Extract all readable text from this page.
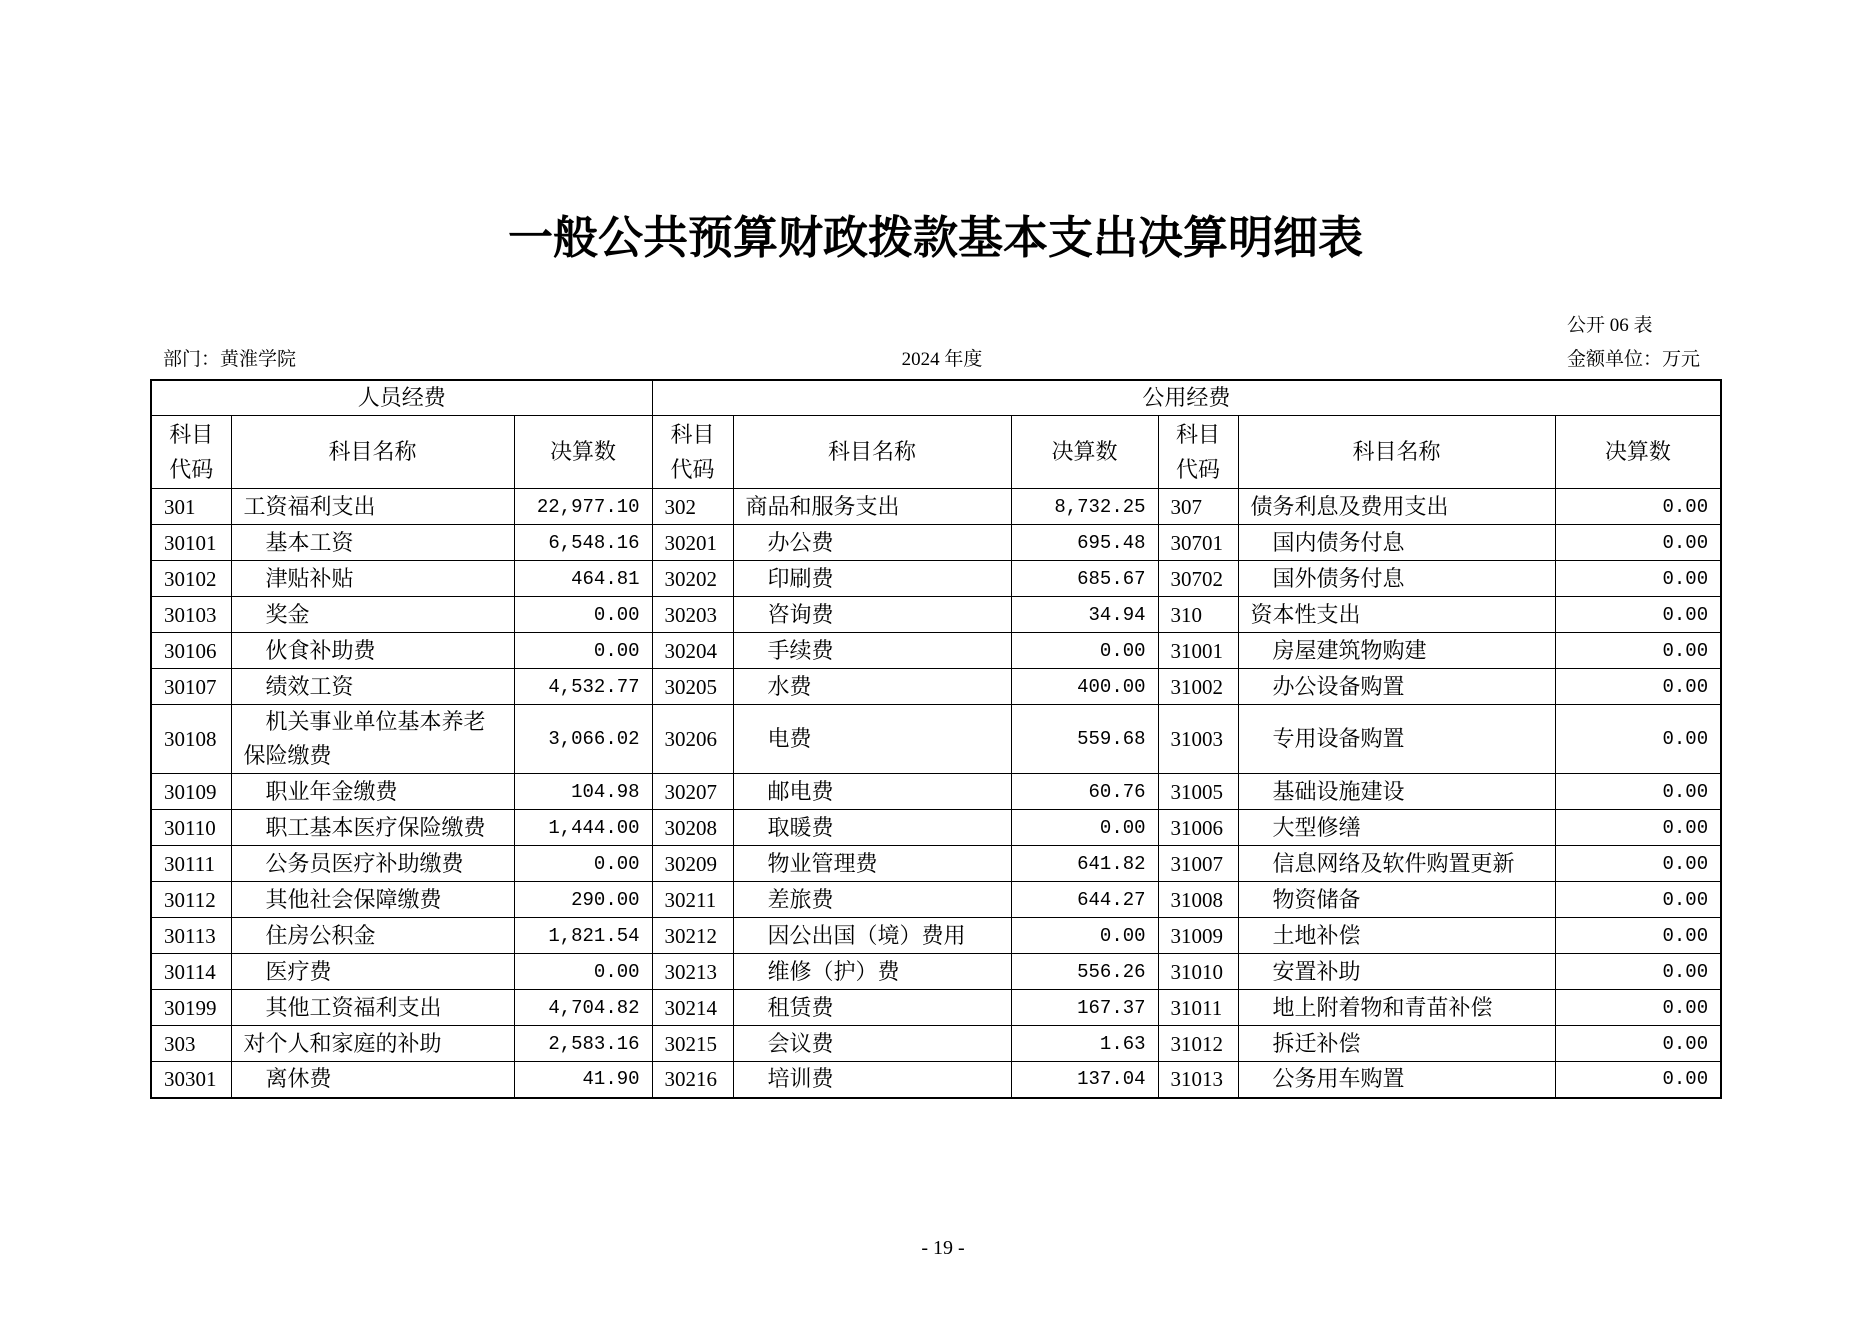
一般公共预算财政拨款基本支出决算明细表
公开 06 表
部门：黄淮学院	2024 年度	金额单位：万元
人员经费			公用经费					
科目代码	科目名称	决算数	科目代码	科目名称	决算数	科目代码	科目名称	决算数
301	工资福利支出	22,977.10	302	商品和服务支出	8,732.25	307	债务利息及费用支出	0.00
30101	基本工资	6,548.16	30201	办公费	695.48	30701	国内债务付息	0.00
30102	津贴补贴	464.81	30202	印刷费	685.67	30702	国外债务付息	0.00
30103	奖金	0.00	30203	咨询费	34.94	310	资本性支出	0.00
30106	伙食补助费	0.00	30204	手续费	0.00	31001	房屋建筑物购建	0.00
30107	绩效工资	4,532.77	30205	水费	400.00	31002	办公设备购置	0.00
30108	机关事业单位基本养老保险缴费	3,066.02	30206	电费	559.68	31003	专用设备购置	0.00
30109	职业年金缴费	104.98	30207	邮电费	60.76	31005	基础设施建设	0.00
30110	职工基本医疗保险缴费	1,444.00	30208	取暖费	0.00	31006	大型修缮	0.00
30111	公务员医疗补助缴费	0.00	30209	物业管理费	641.82	31007	信息网络及软件购置更新	0.00
30112	其他社会保障缴费	290.00	30211	差旅费	644.27	31008	物资储备	0.00
30113	住房公积金	1,821.54	30212	因公出国（境）费用	0.00	31009	土地补偿	0.00
30114	医疗费	0.00	30213	维修（护）费	556.26	31010	安置补助	0.00
30199	其他工资福利支出	4,704.82	30214	租赁费	167.37	31011	地上附着物和青苗补偿	0.00
303	对个人和家庭的补助	2,583.16	30215	会议费	1.63	31012	拆迁补偿	0.00
30301	离休费	41.90	30216	培训费	137.04	31013	公务用车购置	0.00
- 19 -
